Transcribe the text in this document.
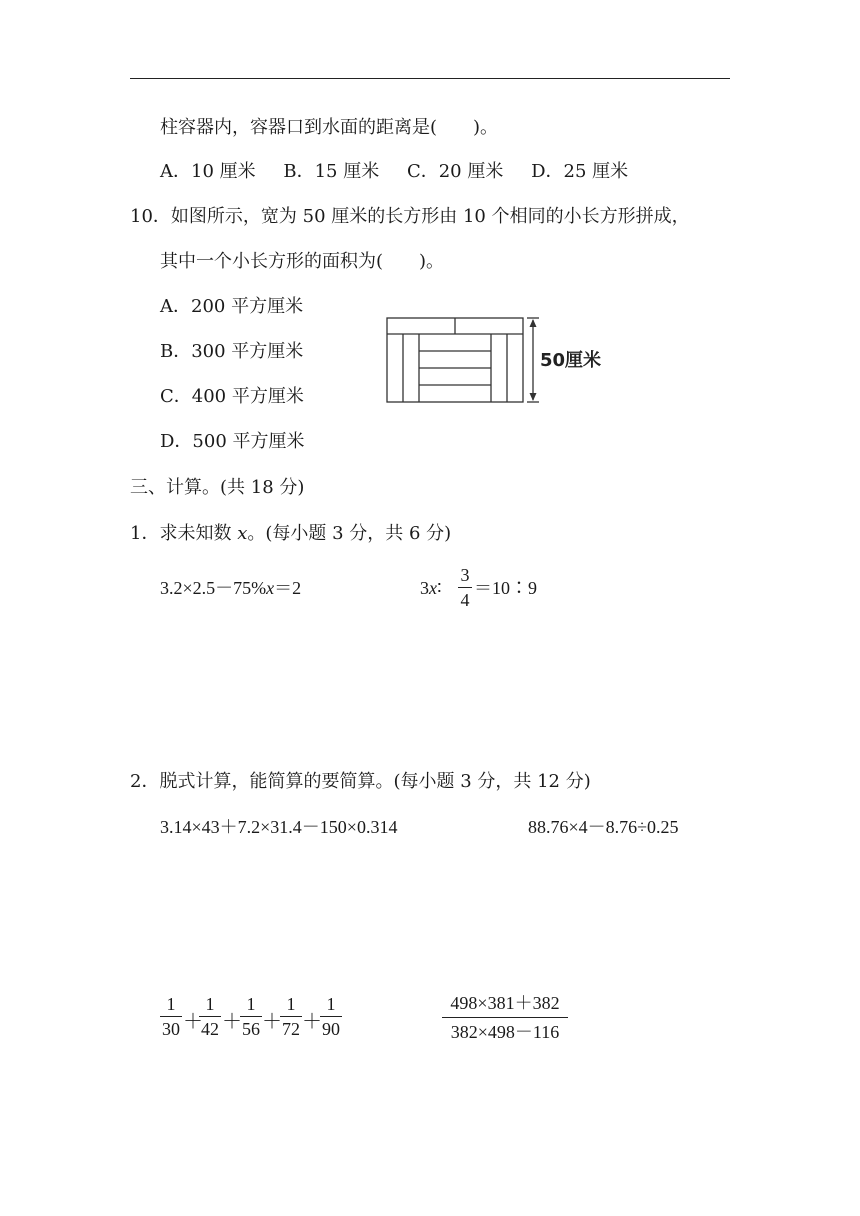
柱容器内，容器口到水面的距离是(　　)。
A．10 厘米 B．15 厘米 C．20 厘米 D．25 厘米
10．如图所示，宽为 50 厘米的长方形由 10 个相同的小长方形拼成，
其中一个小长方形的面积为(　　)。
A．200 平方厘米
B．300 平方厘米
C．400 平方厘米
D．500 平方厘米
50厘米
三、计算。(共 18 分)
1．求未知数 x。(每小题 3 分，共 6 分)
3.2×2.5－75%x＝2	3x∶
3
4
＝10∶9
2．脱式计算，能简算的要简算。(每小题 3 分，共 12 分)
3.14×43＋7.2×31.4－150×0.314	88.76×4－8.76÷0.25
1
30 ＋
1
42 ＋
1
56 ＋
1
72 ＋
1
90
498×381＋382
382×498－116
